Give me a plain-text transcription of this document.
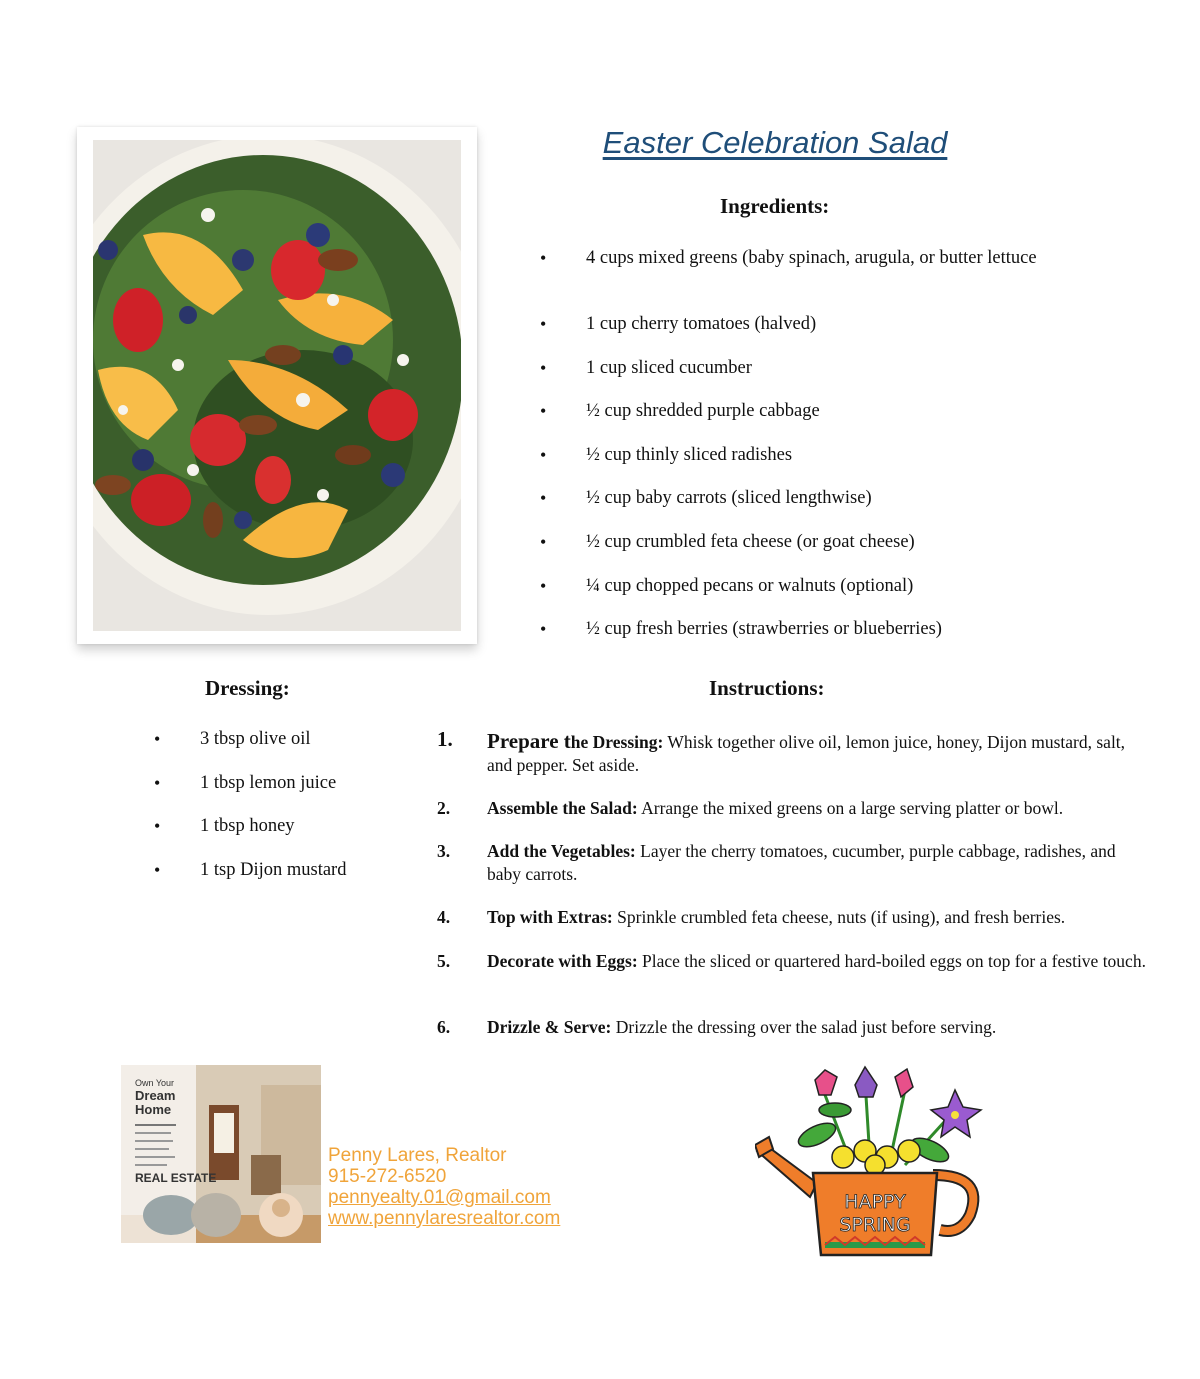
Easter Celebration Salad
Ingredients:
• 4 cups mixed greens (baby spinach, arugula, or butter lettuce
• 1 cup cherry tomatoes (halved)
• 1 cup sliced cucumber
• ½ cup shredded purple cabbage
• ½ cup thinly sliced radishes
• ½ cup baby carrots (sliced lengthwise)
• ½ cup crumbled feta cheese (or goat cheese)
• ¼ cup chopped pecans or walnuts (optional)
• ½ cup fresh berries (strawberries or blueberries)
Dressing:
• 3 tbsp olive oil
• 1 tbsp lemon juice
• 1 tbsp honey
• 1 tsp Dijon mustard
Instructions:
1. Prepare the Dressing: Whisk together olive oil, lemon juice, honey, Dijon mustard, salt, and pepper. Set aside.
2. Assemble the Salad: Arrange the mixed greens on a large serving platter or bowl.
3. Add the Vegetables: Layer the cherry tomatoes, cucumber, purple cabbage, radishes, and baby carrots.
4. Top with Extras: Sprinkle crumbled feta cheese, nuts (if using), and fresh berries.
5. Decorate with Eggs: Place the sliced or quartered hard-boiled eggs on top for a festive touch.
6. Drizzle & Serve: Drizzle the dressing over the salad just before serving.
Own Your
Dream
Home
REAL ESTATE
Penny Lares, Realtor
915-272-6520
pennyealty.01@gmail.com
www.pennylaresrealtor.com
HAPPY
SPRING
